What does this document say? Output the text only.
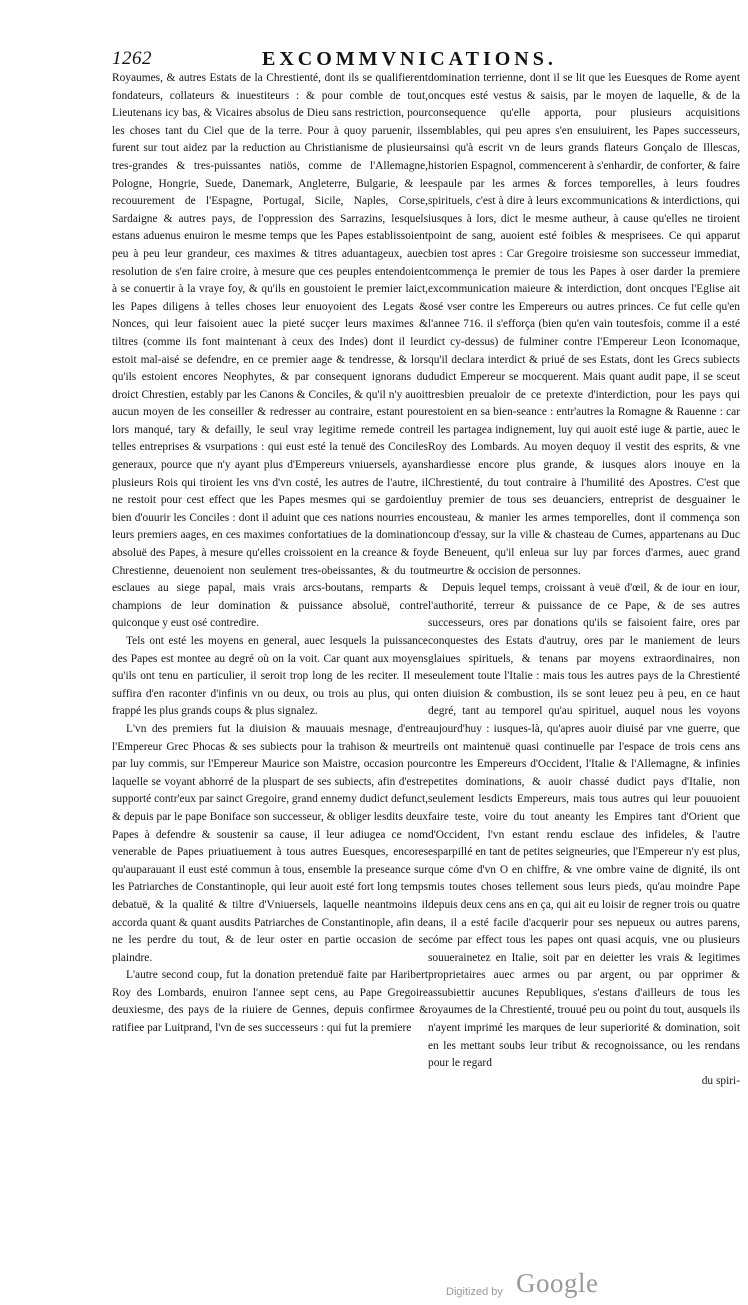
1262	EXCOMMVNICATIONS.

Royaumes, & autres Estats de la Chrestienté, dont ils se qualifierent fondateurs, collateurs & inuestiteurs : & pour comble de tout, Lieutenans icy bas, & Vicaires absolus de Dieu sans restriction, pour les choses tant du Ciel que de la terre. Pour à quoy paruenir, ils furent sur tout aidez par la reduction au Christianisme de plusieurs tres-grandes & tres-puissantes natiös, comme de l'Allemagne, Pologne, Hongrie, Suede, Danemark, Angleterre, Bulgarie, & le recouurement de l'Espagne, Portugal, Sicile, Naples, Corse, Sardaigne & autres pays, de l'oppression des Sarrazins, lesquels estans aduenus enuiron le mesme temps que les Papes establissoient peu à peu leur grandeur, ces maximes & titres aduantageux, auec resolution de s'en faire croire, à mesure que ces peuples entendoient à se conuertir à la vraye foy, & qu'ils en goustoient le premier laict, les Papes diligens à telles choses leur enuoyoient des Legats & Nonces, qui leur faisoient auec la pieté sucçer leurs maximes & tiltres (comme ils font maintenant à ceux des Indes) dont il leur estoit mal-aisé se defendre, en ce premier aage & tendresse, & lors qu'ils estoient encores Neophytes, & par consequent ignorans du droict Chrestien, estably par les Canons & Conciles, & qu'il n'y auoit aucun moyen de les conseiller & redresser au contraire, estant pour lors manqué, tary & defailly, le seul vray legitime remede contre telles entreprises & vsurpations : qui eust esté la tenuë des Conciles generaux, pource que n'y ayant plus d'Empereurs vniuersels, ayans plusieurs Rois qui tiroient les vns d'vn costé, les autres de l'autre, il ne restoit pour cest effect que les Papes mesmes qui se gardoient bien d'ouurir les Conciles : dont il aduint que ces nations nourries en leurs premiers aages, en ces maximes confortatiues de la domination absoluë des Papes, à mesure qu'elles croissoient en la creance & foy Chrestienne, deuenoient non seulement tres-obeissantes, & du tout esclaues au siege papal, mais vrais arcs-boutans, remparts & champions de leur domination & puissance absoluë, contre quiconque y eust osé contredire.

Tels ont esté les moyens en general, auec lesquels la puissance des Papes est montee au degré où on la voit. Car quant aux moyens qu'ils ont tenu en particulier, il seroit trop long de les reciter. Il me suffira d'en raconter d'infinis vn ou deux, ou trois au plus, qui ont frappé les plus grands coups & plus signalez.

L'vn des premiers fut la diuision & mauuais mesnage, d'entre l'Empereur Grec Phocas & ses subiects pour la trahison & meurtre par luy commis, sur l'Empereur Maurice son Maistre, occasion pour laquelle se voyant abhorré de la pluspart de ses subiects, afin d'estre supporté contr'eux par sainct Gregoire, grand ennemy dudict defunct, & depuis par le pape Boniface son successeur, & obliger lesdits deux Papes à defendre & soustenir sa cause, il leur adiugea ce nom venerable de Papes priuatiuement à tous autres Euesques, encores qu'auparauant il eust esté commun à tous, ensemble la preseance sur les Patriarches de Constantinople, qui leur auoit esté fort long temps debatuë, & la qualité & tiltre d'Vniuersels, laquelle neantmoins il accorda quant & quant ausdits Patriarches de Constantinople, afin de ne les perdre du tout, & de leur oster en partie occasion de se plaindre.

L'autre second coup, fut la donation pretenduë faite par Haribert Roy des Lombards, enuiron l'annee sept cens, au Pape Gregoire deuxiesme, des pays de la riuiere de Gennes, depuis confirmee & ratifiee par Luitprand, l'vn de ses successeurs : qui fut la premiere

domination terrienne, dont il se lit que les Euesques de Rome ayent oncques esté vestus & saisis, par le moyen de laquelle, & de la consequence qu'elle apporta, pour plusieurs acquisitions semblables, qui peu apres s'en ensuiuirent, les Papes successeurs, ainsi qu'à escrit vn de leurs grands flateurs Gonçalo de Illescas, historien Espagnol, commencerent à s'enhardir, de conforter, & faire espaule par les armes & forces temporelles, à leurs foudres spirituels, c'est à dire à leurs excommunications & interdictions, qui iusques à lors, dict le mesme autheur, à cause qu'elles ne tiroient point de sang, auoient esté foibles & mesprisees. Ce qui apparut bien tost apres : Car Gregoire troisiesme son successeur immediat, commença le premier de tous les Papes à oser darder la premiere excommunication maieure & interdiction, dont oncques l'Eglise ait osé vser contre les Empereurs ou autres princes. Ce fut celle qu'en l'annee 716. il s'efforça (bien qu'en vain toutesfois, comme il a esté dict cy-dessus) de fulminer contre l'Empereur Leon Iconomaque, qu'il declara interdict & priué de ses Estats, dont les Grecs subiects dudict Empereur se mocquerent. Mais quant audit pape, il se sceut tresbien preualoir de ce pretexte d'interdiction, pour les pays qui estoient en sa bien-seance : entr'autres la Romagne & Rauenne : car il les partagea indignement, luy qui auoit esté iuge & partie, auec le Roy des Lombards. Au moyen dequoy il vestit des esprits, & vne hardiesse encore plus grande, & iusques alors inouye en la Chrestienté, du tout contraire à l'humilité des Apostres. C'est que luy premier de tous ses deuanciers, entreprist de desguainer le cousteau, & manier les armes temporelles, dont il commença son coup d'essay, sur la ville & chasteau de Cumes, appartenans au Duc de Beneuent, qu'il enleua sur luy par forces d'armes, auec grand meurtre & occision de personnes.

Depuis lequel temps, croissant à veuë d'œil, & de iour en iour, l'authorité, terreur & puissance de ce Pape, & de ses autres successeurs, ores par donations qu'ils se faisoient faire, ores par conquestes des Estats d'autruy, ores par le maniement de leurs glaiues spirituels, & tenans par moyens extraordinaires, non seulement toute l'Italie : mais tous les autres pays de la Chrestienté en diuision & combustion, ils se sont leuez peu à peu, en ce haut degré, tant au temporel qu'au spirituel, auquel nous les voyons aujourd'huy : iusques-là, qu'apres auoir diuisé par vne guerre, que ils ont maintenuë quasi continuelle par l'espace de trois cens ans contre les Empereurs d'Occident, l'Italie & l'Allemagne, & infinies petites dominations, & auoir chassé dudict pays d'Italie, non seulement lesdicts Empereurs, mais tous autres qui leur pouuoient faire teste, voire du tout aneanty les Empires tant d'Orient que d'Occident, l'vn estant rendu esclaue des infideles, & l'autre esparpillé en tant de petites seigneuries, que l'Empereur n'y est plus, que cóme d'vn O en chiffre, & vne ombre vaine de dignité, ils ont mis toutes choses tellement sous leurs pieds, qu'au moindre Pape depuis deux cens ans en ça, qui ait eu loisir de regner trois ou quatre ans, il a esté facile d'acquerir pour ses nepueux ou autres parens, cóme par effect tous les papes ont quasi acquis, vne ou plusieurs souuerainetez en Italie, soit par en deietter les vrais & legitimes proprietaires auec armes ou par argent, ou par opprimer & assubiettir aucunes Republiques, s'estans d'ailleurs de tous les royaumes de la Chrestienté, trouué peu ou point du tout, ausquels ils n'ayent imprimé les marques de leur superiorité & domination, soit en les mettant soubs leur tribut & recognoissance, ou les rendans pour le regard

du spiri-

Digitized by Google
